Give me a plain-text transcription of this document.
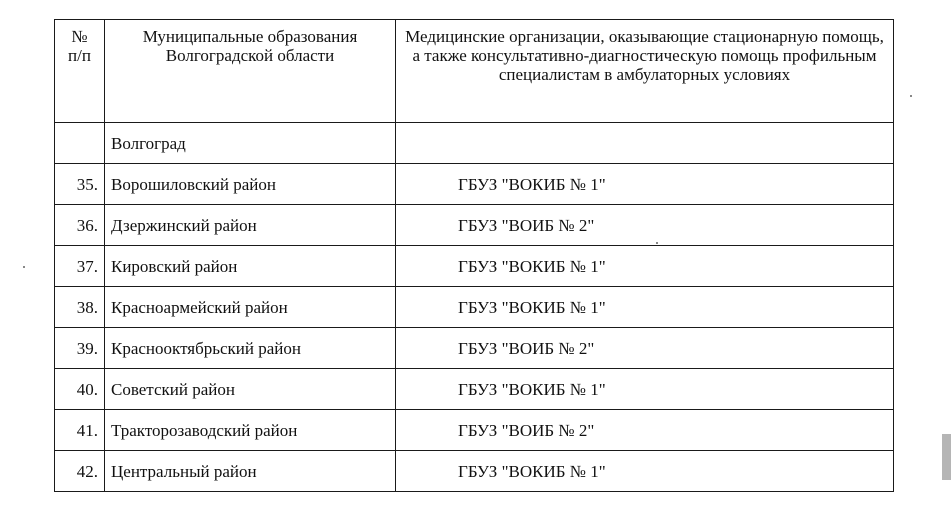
№
п/п	Муниципальные образования Волгоградской области	Медицинские организации, оказывающие стационарную помощь, а также консультативно-диагностическую помощь профильным специалистам в амбулаторных условиях

	Волгоград	
35.	Ворошиловский район	ГБУЗ "ВОКИБ № 1"
36.	Дзержинский район	ГБУЗ "ВОИБ № 2"
37.	Кировский район	ГБУЗ "ВОКИБ № 1"
38.	Красноармейский район	ГБУЗ "ВОКИБ № 1"
39.	Краснооктябрьский район	ГБУЗ "ВОИБ № 2"
40.	Советский район	ГБУЗ "ВОКИБ № 1"
41.	Тракторозаводский район	ГБУЗ "ВОИБ № 2"
42.	Центральный район	ГБУЗ "ВОКИБ № 1"
